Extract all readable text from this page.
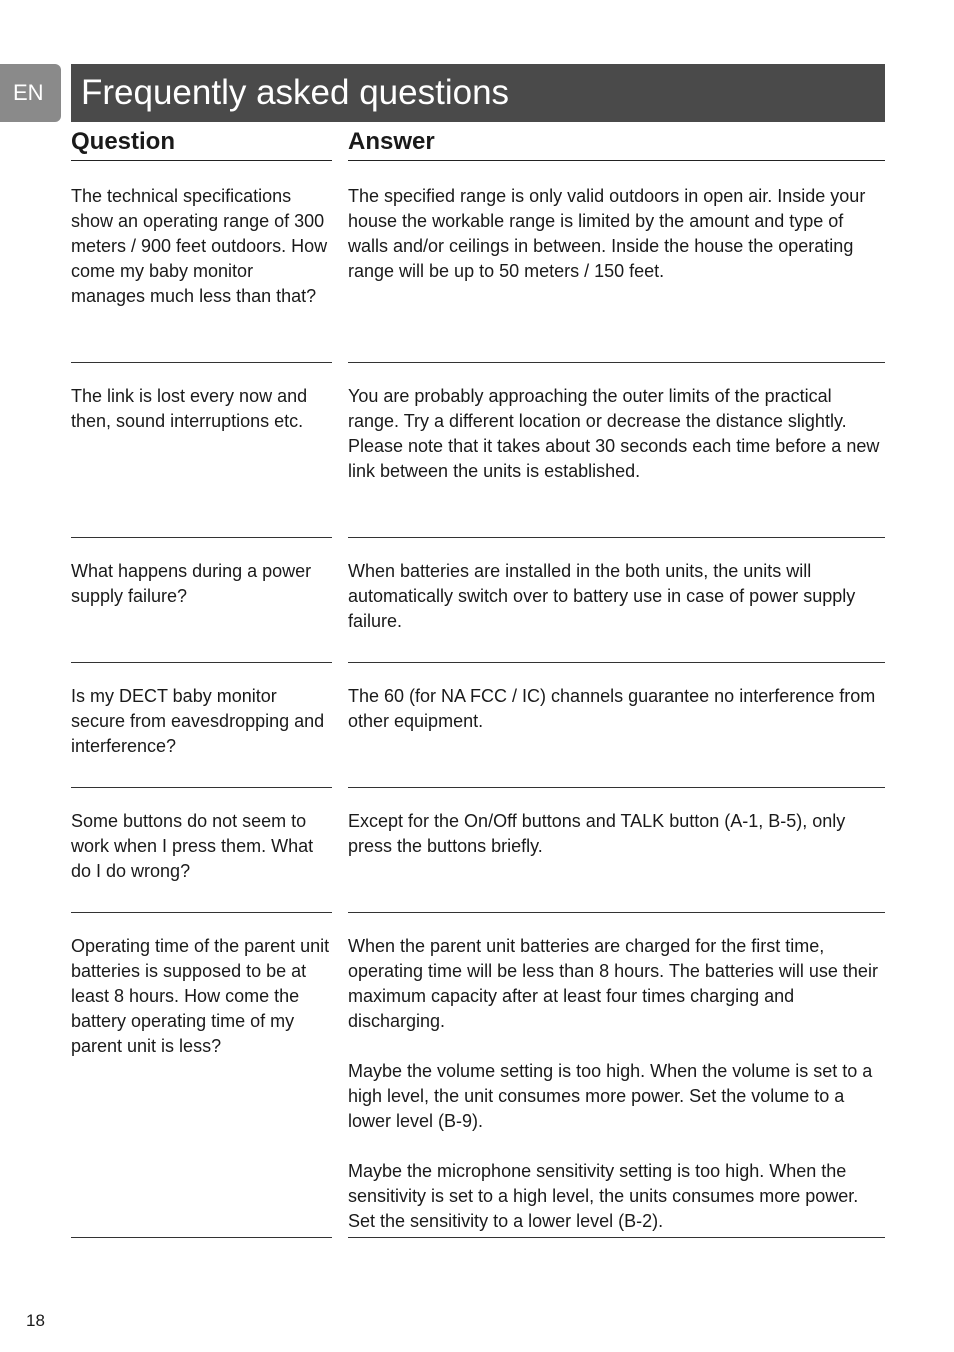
EN	Frequently asked questions
Question	Answer
The technical specifications show an operating range of 300 meters / 900 feet outdoors. How come my baby monitor manages much less than that?

The specified range is only valid outdoors in open air. Inside your house the workable range is limited by the amount and type of walls and/or ceilings in between. Inside the house the operating range will be up to 50 meters / 150 feet.

The link is lost every now and then, sound interruptions etc.

You are probably approaching the outer limits of the practical range. Try a different location or decrease the distance slightly. Please note that it takes about 30 seconds each time before a new link between the units is established.

What happens during a power supply failure?

When batteries are installed in the both units, the units will automatically switch over to battery use in case of power supply failure.

Is my DECT baby monitor secure from eavesdropping and interference?

The 60 (for NA FCC / IC) channels guarantee no interference from other equipment.

Some buttons do not seem to work when I press them. What do I do wrong?

Except for the On/Off buttons and TALK button (A-1, B-5), only press the buttons briefly.

Operating time of the parent unit batteries is supposed to be at least 8 hours. How come the battery operating time of my parent unit is less?

When the parent unit batteries are charged for the first time, operating time will be less than 8 hours. The batteries will use their maximum capacity after at least four times charging and discharging.

Maybe the volume setting is too high. When the volume is set to a high level, the unit consumes more power. Set the volume to a lower level (B-9).

Maybe the microphone sensitivity setting is too high. When the sensitivity is set to a high level, the units consumes more power. Set the sensitivity to a lower level (B-2).

18
